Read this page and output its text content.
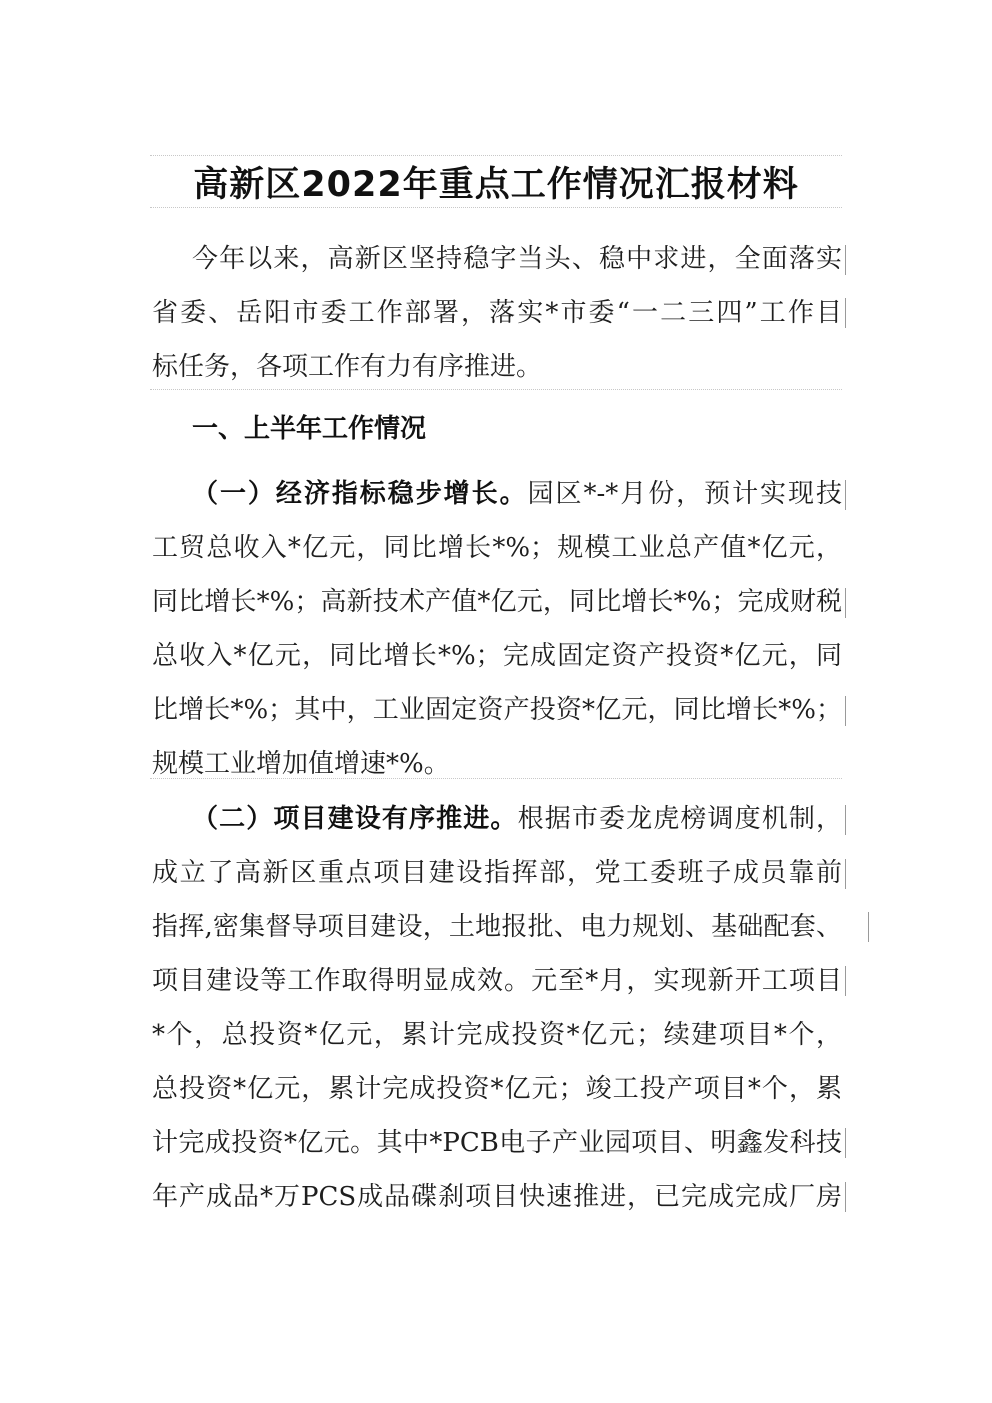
高新区2022年重点工作情况汇报材料
今年以来，高新区坚持稳字当头、稳中求进，全面落实
省委、岳阳市委工作部署，落实*市委“一二三四”工作目
标任务，各项工作有力有序推进。
一、上半年工作情况
（一）经济指标稳步增长。园区*-*月份，预计实现技
工贸总收入*亿元，同比增长*%；规模工业总产值*亿元，
同比增长*%；高新技术产值*亿元，同比增长*%；完成财税
总收入*亿元，同比增长*%；完成固定资产投资*亿元，同
比增长*%；其中，工业固定资产投资*亿元，同比增长*%；
规模工业增加值增速*%。
（二）项目建设有序推进。根据市委龙虎榜调度机制，
成立了高新区重点项目建设指挥部，党工委班子成员靠前
指挥,密集督导项目建设，土地报批、电力规划、基础配套、
项目建设等工作取得明显成效。元至*月，实现新开工项目
*个，总投资*亿元，累计完成投资*亿元；续建项目*个，
总投资*亿元，累计完成投资*亿元；竣工投产项目*个，累
计完成投资*亿元。其中*PCB电子产业园项目、明鑫发科技
年产成品*万PCS成品碟刹项目快速推进，已完成完成厂房
